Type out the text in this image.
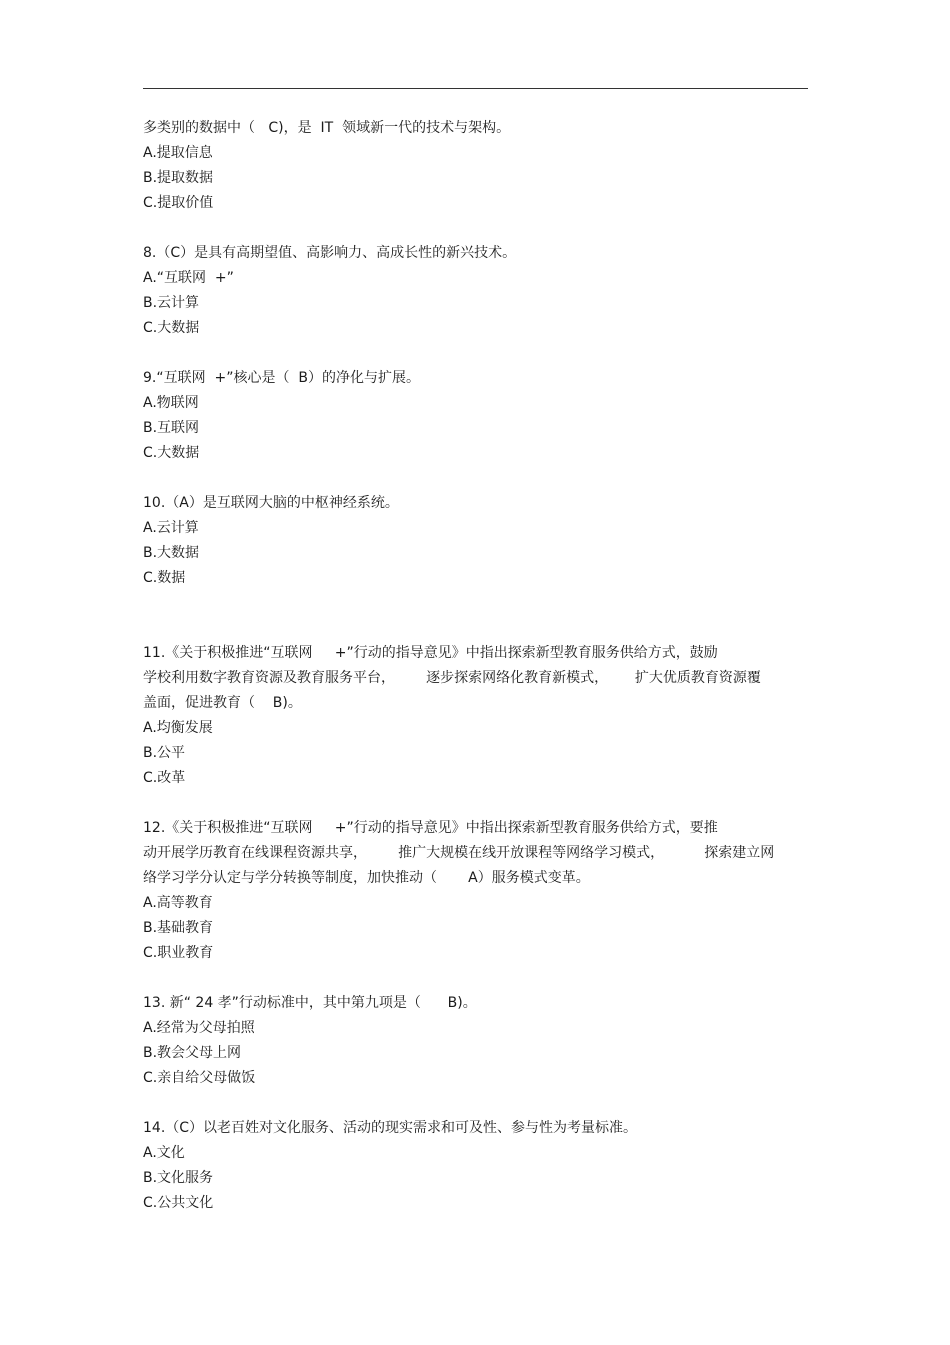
多类别的数据中（   C)，是  IT  领域新一代的技术与架构。
A.提取信息
B.提取数据
C.提取价值
8.（C）是具有高期望值、高影响力、高成长性的新兴技术。
A.“互联网  +”
B.云计算
C.大数据
9.“互联网  +”核心是（  B）的净化与扩展。
A.物联网
B.互联网
C.大数据
10.（A）是互联网大脑的中枢神经系统。
A.云计算
B.大数据
C.数据
11.《关于积极推进“互联网     +”行动的指导意见》中指出探索新型教育服务供给方式，鼓励
学校利用数字教育资源及教育服务平台，       逐步探索网络化教育新模式，      扩大优质教育资源覆
盖面，促进教育（    B)。
A.均衡发展
B.公平
C.改革
12.《关于积极推进“互联网     +”行动的指导意见》中指出探索新型教育服务供给方式，要推
动开展学历教育在线课程资源共享，       推广大规模在线开放课程等网络学习模式，         探索建立网
络学习学分认定与学分转换等制度，加快推动（       A）服务模式变革。
A.高等教育
B.基础教育
C.职业教育
13. 新“ 24 孝”行动标准中，其中第九项是（      B)。
A.经常为父母拍照
B.教会父母上网
C.亲自给父母做饭
14.（C）以老百姓对文化服务、活动的现实需求和可及性、参与性为考量标准。
A.文化
B.文化服务
C.公共文化
